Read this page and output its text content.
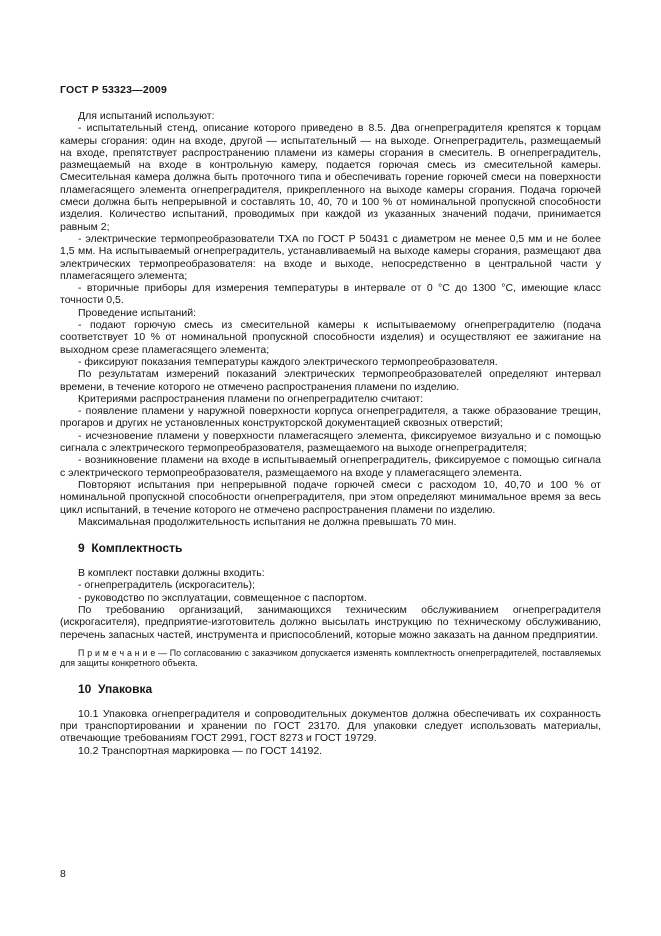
ГОСТ Р 53323—2009

Для испытаний используют:

- испытательный стенд, описание которого приведено в 8.5. Два огнепреградителя крепятся к торцам камеры сгорания: один на входе, другой — испытательный — на выходе. Огнепреградитель, размещаемый на входе, препятствует распространению пламени из камеры сгорания в смеситель. В огнепреградитель, размещаемый на входе в контрольную камеру, подается горючая смесь из смесительной камеры. Смесительная камера должна быть проточного типа и обеспечивать горение горючей смеси на поверхности пламегасящего элемента огнепреградителя, прикрепленного на выходе камеры сгорания. Подача горючей смеси должна быть непрерывной и составлять 10, 40, 70 и 100 % от номинальной пропускной способности изделия. Количество испытаний, проводимых при каждой из указанных значений подачи, принимается равным 2;

- электрические термопреобразователи ТХА по ГОСТ Р 50431 с диаметром не менее 0,5 мм и не более 1,5 мм. На испытываемый огнепреградитель, устанавливаемый на выходе камеры сгорания, размещают два электрических термопреобразователя: на входе и выходе, непосредственно в центральной части у пламегасящего элемента;

- вторичные приборы для измерения температуры в интервале от 0 °С до 1300 °С, имеющие класс точности 0,5.

Проведение испытаний:

- подают горючую смесь из смесительной камеры к испытываемому огнепреградителю (подача соответствует 10 % от номинальной пропускной способности изделия) и осуществляют ее зажигание на выходном срезе пламегасящего элемента;

- фиксируют показания температуры каждого электрического термопреобразователя.

По результатам измерений показаний электрических термопреобразователей определяют интервал времени, в течение которого не отмечено распространения пламени по изделию.

Критериями распространения пламени по огнепреградителю считают:

- появление пламени у наружной поверхности корпуса огнепреградителя, а также образование трещин, прогаров и других не установленных конструкторской документацией сквозных отверстий;

- исчезновение пламени у поверхности пламегасящего элемента, фиксируемое визуально и с помощью сигнала с электрического термопреобразователя, размещаемого на выходе огнепреградителя;

- возникновение пламени на входе в испытываемый огнепреградитель, фиксируемое с помощью сигнала с электрического термопреобразователя, размещаемого на входе у пламегасящего элемента.

Повторяют испытания при непрерывной подаче горючей смеси с расходом 10, 40,70 и 100 % от номинальной пропускной способности огнепреградителя, при этом определяют минимальное время за весь цикл испытаний, в течение которого не отмечено распространения пламени по изделию.

Максимальная продолжительность испытания не должна превышать 70 мин.

9  Комплектность

В комплект поставки должны входить:

- огнепреградитель (искрогаситель);

- руководство по эксплуатации, совмещенное с паспортом.

По требованию организаций, занимающихся техническим обслуживанием огнепреградителя (искрогасителя), предприятие-изготовитель должно высылать инструкцию по техническому обслуживанию, перечень запасных частей, инструмента и приспособлений, которые можно заказать на данном предприятии.

П р и м е ч а н и е — По согласованию с заказчиком допускается изменять комплектность огнепреградителей, поставляемых для защиты конкретного объекта.

10  Упаковка

10.1 Упаковка огнепреградителя и сопроводительных документов должна обеспечивать их сохранность при транспортировании и хранении по ГОСТ 23170. Для упаковки следует использовать материалы, отвечающие требованиям ГОСТ 2991, ГОСТ 8273 и ГОСТ 19729.

10.2 Транспортная маркировка — по ГОСТ 14192.

8
